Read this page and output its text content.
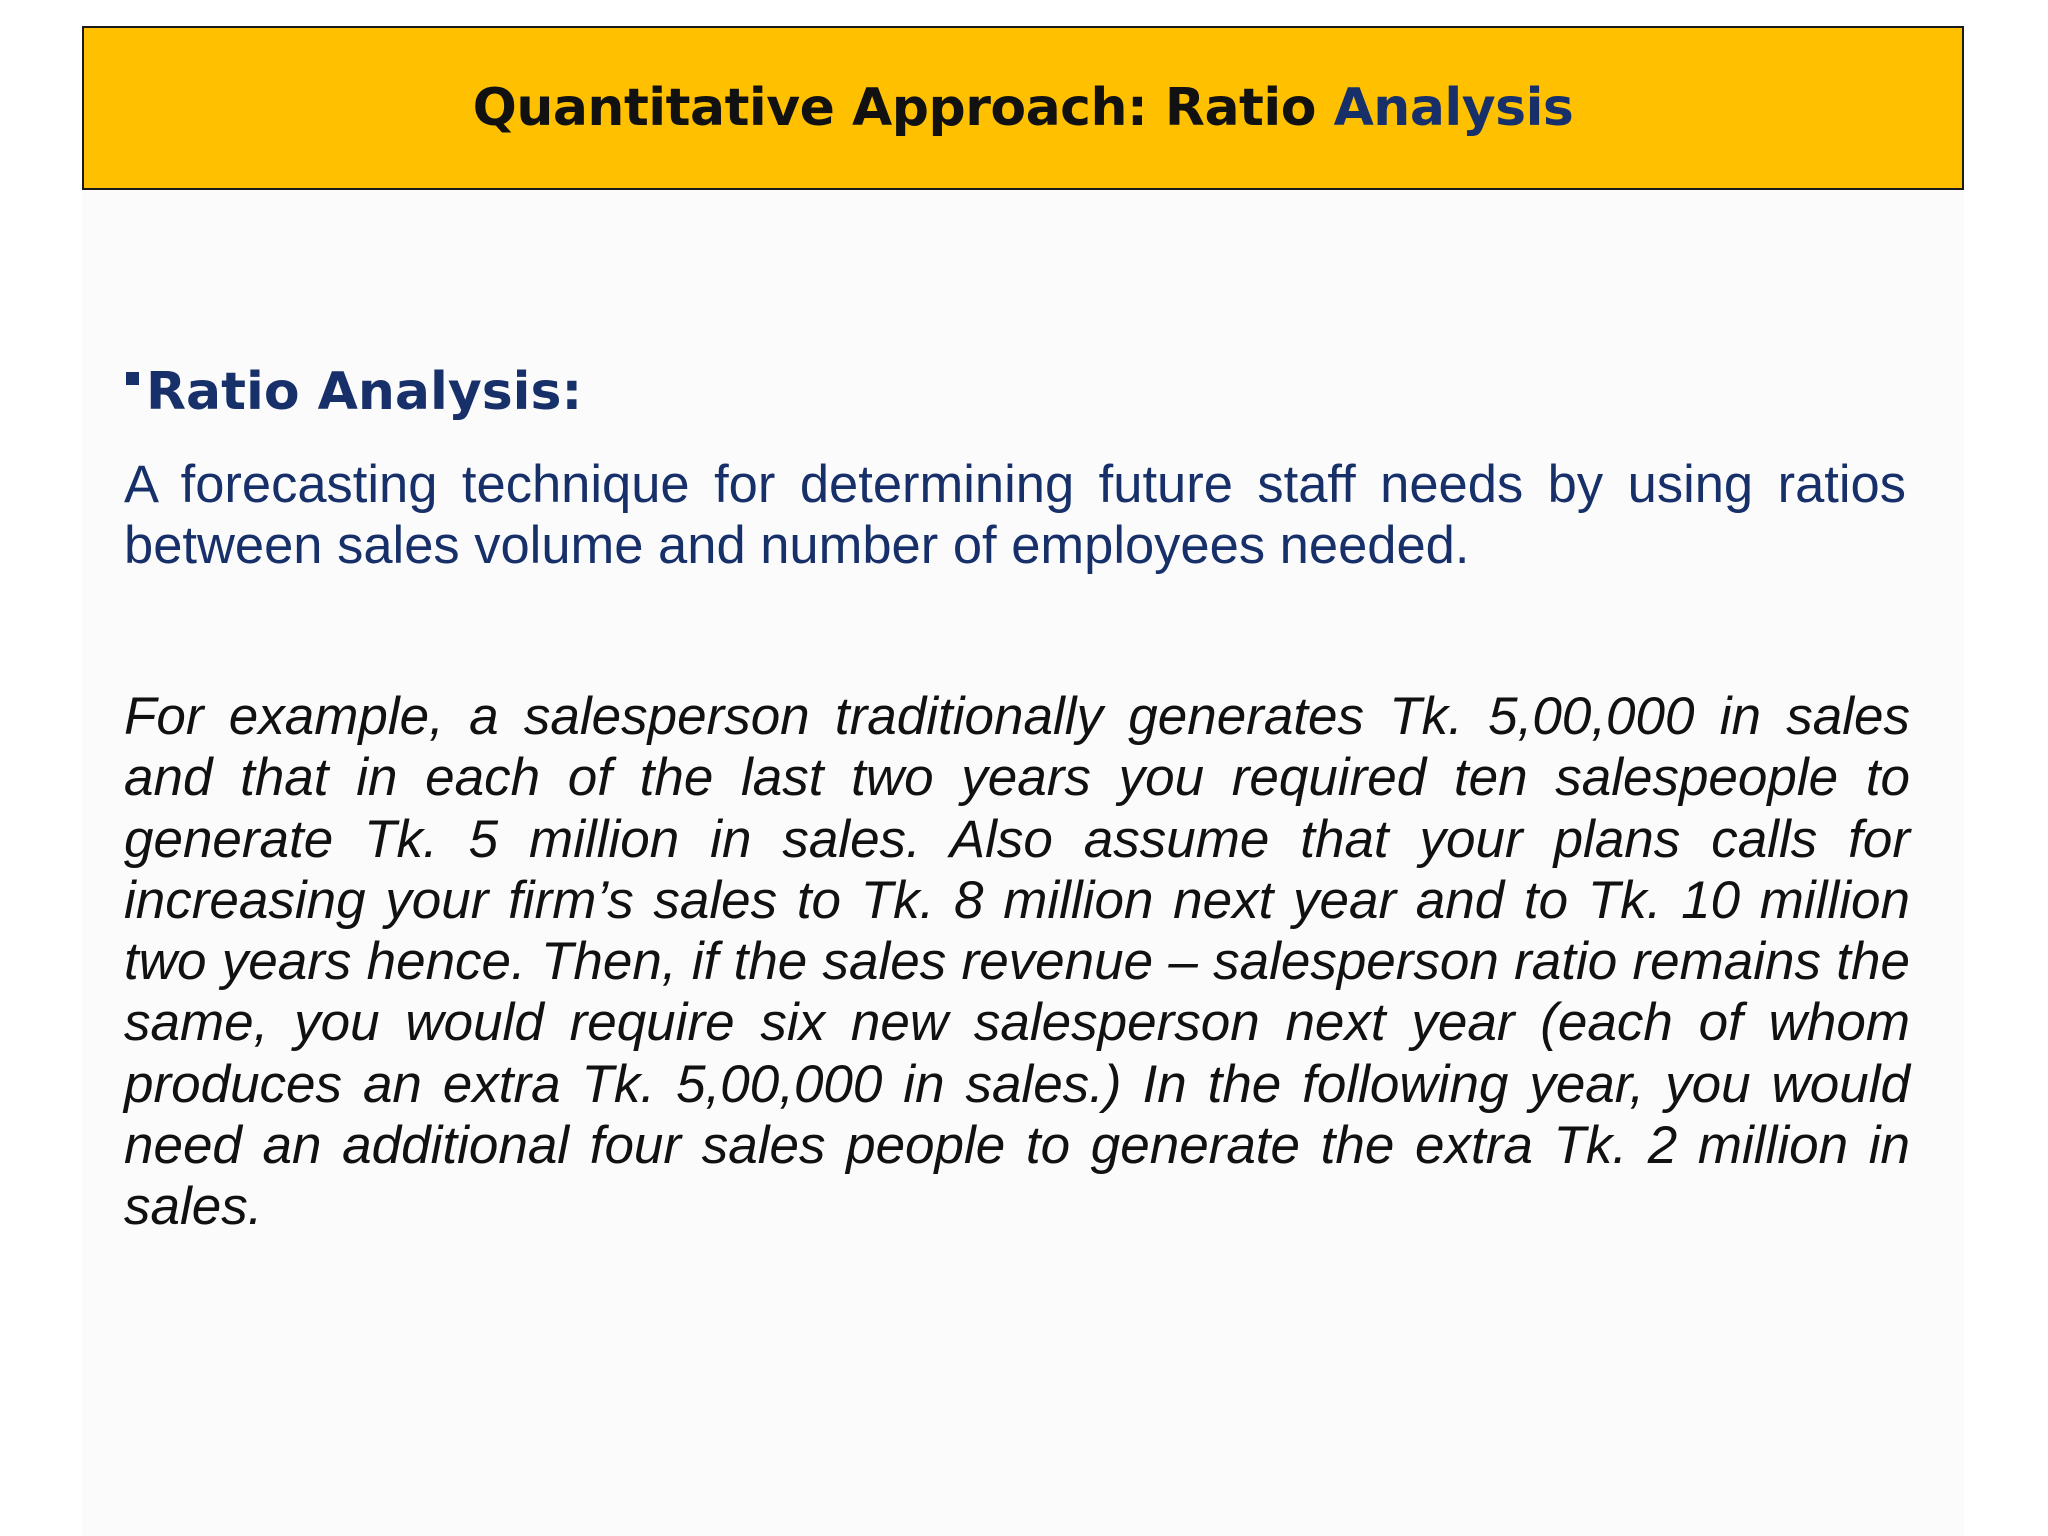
Quantitative Approach: Ratio Analysis
Ratio Analysis:

A forecasting technique for determining future staff needs by using ratios between sales volume and number of employees needed.

For example, a salesperson traditionally generates Tk. 5,00,000 in sales and that in each of the last two years you required ten salespeople to generate Tk. 5 million in sales. Also assume that your plans calls for increasing your firm’s sales to Tk. 8 million next year and to Tk. 10 million two years hence. Then, if the sales revenue – salesperson ratio remains the same, you would require six new salesperson next year (each of whom produces an extra Tk. 5,00,000 in sales.) In the following year, you would need an additional four sales people to generate the extra Tk. 2 million in sales.
